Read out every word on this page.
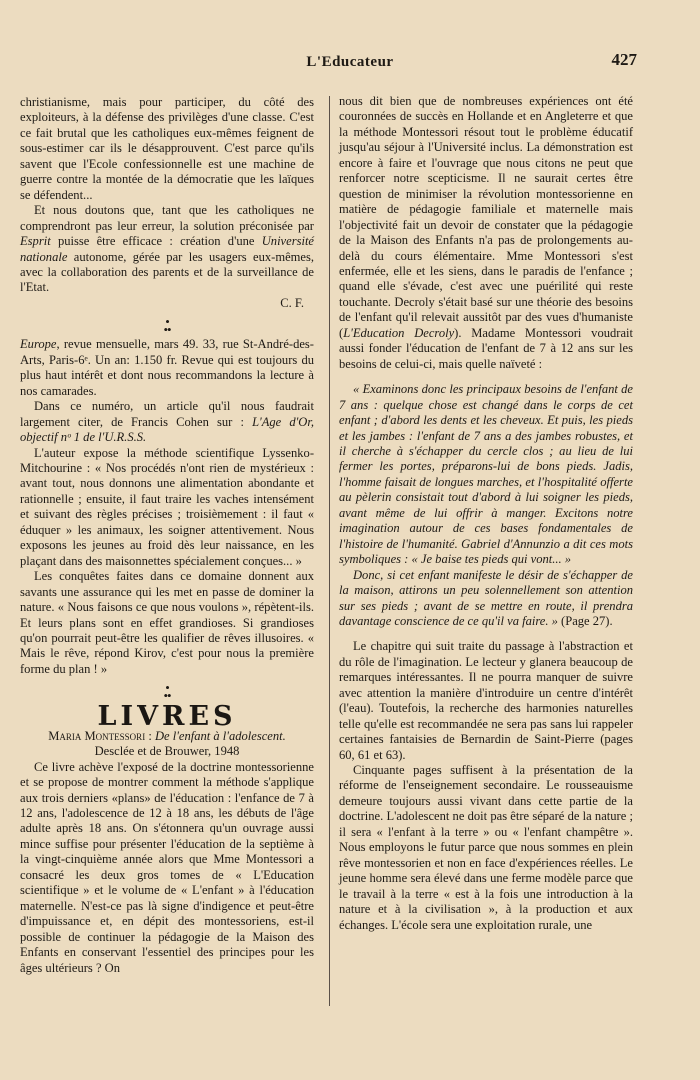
L'Educateur	427

christianisme, mais pour participer, du côté des exploiteurs, à la défense des privilèges d'une classe. C'est ce fait brutal que les catholiques eux-mêmes feignent de sous-estimer car ils le désapprouvent. C'est parce qu'ils savent que l'Ecole confessionnelle est une machine de guerre contre la montée de la démocratie que les laïques se défendent...

Et nous doutons que, tant que les catholiques ne comprendront pas leur erreur, la solution préconisée par Esprit puisse être efficace : création d'une Université nationale autonome, gérée par les usagers eux-mêmes, avec la collaboration des parents et de la surveillance de l'Etat.

C. F.
•
••

Europe, revue mensuelle, mars 49. 33, rue St-André-des-Arts, Paris-6ᵉ. Un an: 1.150 fr. Revue qui est toujours du plus haut intérêt et dont nous recommandons la lecture à nos camarades.

Dans ce numéro, un article qu'il nous faudrait largement citer, de Francis Cohen sur : L'Age d'Or, objectif nᵒ 1 de l'U.R.S.S.

L'auteur expose la méthode scientifique Lyssenko-Mitchourine : « Nos procédés n'ont rien de mystérieux : avant tout, nous donnons une alimentation abondante et rationnelle ; ensuite, il faut traire les vaches intensément et suivant des règles précises ; troisièmement : il faut « éduquer » les animaux, les soigner attentivement. Nous exposons les jeunes au froid dès leur naissance, en les plaçant dans des maisonnettes spécialement conçues... »

Les conquêtes faites dans ce domaine donnent aux savants une assurance qui les met en passe de dominer la nature. « Nous faisons ce que nous voulons », répètent-ils. Et leurs plans sont en effet grandioses. Si grandioses qu'on pourrait peut-être les qualifier de rêves illusoires. « Mais le rêve, répond Kirov, c'est pour nous la première forme du plan ! »

•
••
LIVRES
Maria Montessori : De l'enfant à l'adolescent.
Desclée et de Brouwer, 1948

Ce livre achève l'exposé de la doctrine montessorienne et se propose de montrer comment la méthode s'applique aux trois derniers «plans» de l'éducation : l'enfance de 7 à 12 ans, l'adolescence de 12 à 18 ans, les débuts de l'âge adulte après 18 ans. On s'étonnera qu'un ouvrage aussi mince suffise pour présenter l'éducation de la septième à la vingt-cinquième année alors que Mme Montessori a consacré les deux gros tomes de « L'Education scientifique » et le volume de « L'enfant » à l'éducation maternelle. N'est-ce pas là signe d'indigence et peut-être d'impuissance et, en dépit des montessoriens, est-il possible de continuer la pédagogie de la Maison des Enfants en conservant l'essentiel des principes pour les âges ultérieurs ? On

nous dit bien que de nombreuses expériences ont été couronnées de succès en Hollande et en Angleterre et que la méthode Montessori résout tout le problème éducatif jusqu'au séjour à l'Université inclus. La démonstration est encore à faire et l'ouvrage que nous citons ne peut que renforcer notre scepticisme. Il ne saurait certes être question de minimiser la révolution montessorienne en matière de pédagogie familiale et maternelle mais l'objectivité fait un devoir de constater que la pédagogie de la Maison des Enfants n'a pas de prolongements au-delà du cours élémentaire. Mme Montessori s'est enfermée, elle et les siens, dans le paradis de l'enfance ; quand elle s'évade, c'est avec une puérilité qui reste touchante. Decroly s'était basé sur une théorie des besoins de l'enfant qu'il relevait aussitôt par des vues d'humaniste (L'Education Decroly). Madame Montessori voudrait aussi fonder l'éducation de l'enfant de 7 à 12 ans sur les besoins de celui-ci, mais quelle naïveté :

« Examinons donc les principaux besoins de l'enfant de 7 ans : quelque chose est changé dans le corps de cet enfant ; d'abord les dents et les cheveux. Et puis, les pieds et les jambes : l'enfant de 7 ans a des jambes robustes, et il cherche à s'échapper du cercle clos ; au lieu de lui fermer les portes, préparons-lui de bons pieds. Jadis, l'homme faisait de longues marches, et l'hospitalité offerte au pèlerin consistait tout d'abord à lui soigner les pieds, avant même de lui offrir à manger. Excitons notre imagination autour de ces bases fondamentales de l'histoire de l'humanité. Gabriel d'Annunzio a dit ces mots symboliques : « Je baise tes pieds qui vont... »

Donc, si cet enfant manifeste le désir de s'échapper de la maison, attirons un peu solennellement son attention sur ses pieds ; avant de se mettre en route, il prendra davantage conscience de ce qu'il va faire. » (Page 27).

Le chapitre qui suit traite du passage à l'abstraction et du rôle de l'imagination. Le lecteur y glanera beaucoup de remarques intéressantes. Il ne pourra manquer de suivre avec attention la manière d'introduire un centre d'intérêt (l'eau). Toutefois, la recherche des harmonies naturelles telle qu'elle est recommandée ne sera pas sans lui rappeler certaines fantaisies de Bernardin de Saint-Pierre (pages 60, 61 et 63).

Cinquante pages suffisent à la présentation de la réforme de l'enseignement secondaire. Le rousseauisme demeure toujours aussi vivant dans cette partie de la doctrine. L'adolescent ne doit pas être séparé de la nature ; il sera « l'enfant à la terre » ou « l'enfant champêtre ». Nous employons le futur parce que nous sommes en plein rêve montessorien et non en face d'expériences réelles. Le jeune homme sera élevé dans une ferme modèle parce que le travail à la terre « est à la fois une introduction à la nature et à la civilisation », à la production et aux échanges. L'école sera une exploitation rurale, une
